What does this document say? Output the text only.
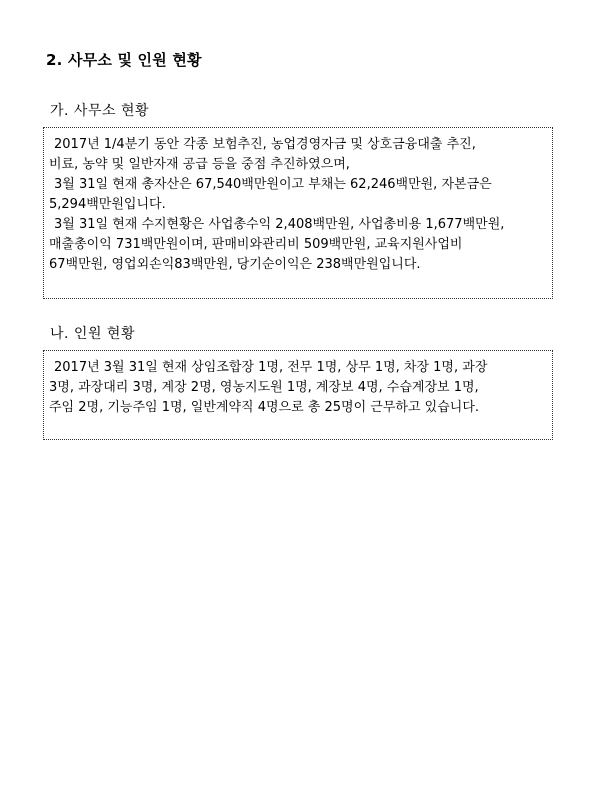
2. 사무소 및 인원 현황
가. 사무소 현황

2017년 1/4분기 동안 각종 보험추진, 농업경영자금 및 상호금융대출 추진,
비료, 농약 및 일반자재 공급 등을 중점 추진하였으며,
3월 31일 현재 총자산은 67,540백만원이고 부채는 62,246백만원, 자본금은
5,294백만원입니다.
3월 31일 현재 수지현황은 사업총수익 2,408백만원, 사업총비용 1,677백만원,
매출총이익 731백만원이며, 판매비와관리비 509백만원, 교육지원사업비
67백만원, 영업외손익83백만원, 당기순이익은 238백만원입니다.

나. 인원 현황

2017년 3월 31일 현재 상임조합장 1명, 전무 1명, 상무 1명, 차장 1명, 과장
3명, 과장대리 3명, 계장 2명, 영농지도원 1명, 계장보 4명, 수습계장보 1명,
주임 2명, 기능주임 1명, 일반계약직 4명으로 총 25명이 근무하고 있습니다.
